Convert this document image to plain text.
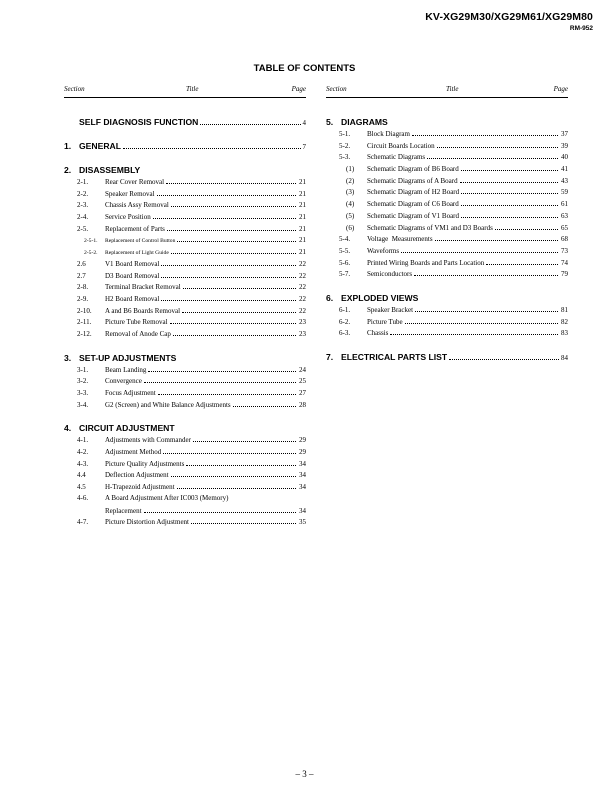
KV-XG29M30/XG29M61/XG29M80
RM-952
TABLE OF CONTENTS
Section	Title	Page
SELF DIAGNOSIS FUNCTION	4
1. GENERAL	7
2. DISASSEMBLY
2-1.	Rear Cover Removal	21
2-2.	Speaker Removal	21
2-3.	Chassis Assy Removal	21
2-4.	Service Position	21
2-5.	Replacement of Parts	21
2-5-1.	Replacement of Control Button	21
2-5-2.	Replacement of Light Guide	21
2.6	V1 Board Removal	22
2.7	D3 Board Removal	22
2-8.	Terminal Bracket Removal	22
2-9.	H2 Board Removal	22
2-10.	A and B6 Boards Removal	22
2-11.	Picture Tube Removal	23
2-12.	Removal of Anode Cap	23
3. SET-UP ADJUSTMENTS
3-1.	Beam Landing	24
3-2.	Convergence	25
3-3.	Focus Adjustment	27
3-4.	G2 (Screen) and White Balance Adjustments	28
4. CIRCUIT ADJUSTMENT
4-1.	Adjustments with Commander	29
4-2.	Adjustment Method	29
4-3.	Picture Quality Adjustments	34
4.4	Deflection Adjustment	34
4.5	H-Trapezoid Adjustment	34
4-6.	A Board Adjustment After IC003 (Memory)
Replacement	34
4-7.	Picture Distortion Adjustment	35
Section	Title	Page
5. DIAGRAMS
5-1.	Block Diagram	37
5-2.	Circuit Boards Location	39
5-3.	Schematic Diagrams	40
(1)	Schematic Diagram of B6 Board	41
(2)	Schematic Diagrams of A Board	43
(3)	Schematic Diagram of H2 Board	59
(4)	Schematic Diagram of C6 Board	61
(5)	Schematic Diagram of V1 Board	63
(6)	Schematic Diagrams of VM1 and D3 Boards	65
5-4.	Voltage  Measurements	68
5-5.	Waveforms	73
5-6.	Printed Wiring Boards and Parts Location	74
5-7.	Semiconductors	79
6. EXPLODED VIEWS
6-1.	Speaker Bracket	81
6-2.	Picture Tube	82
6-3.	Chassis	83
7. ELECTRICAL PARTS LIST	84
– 3 –
